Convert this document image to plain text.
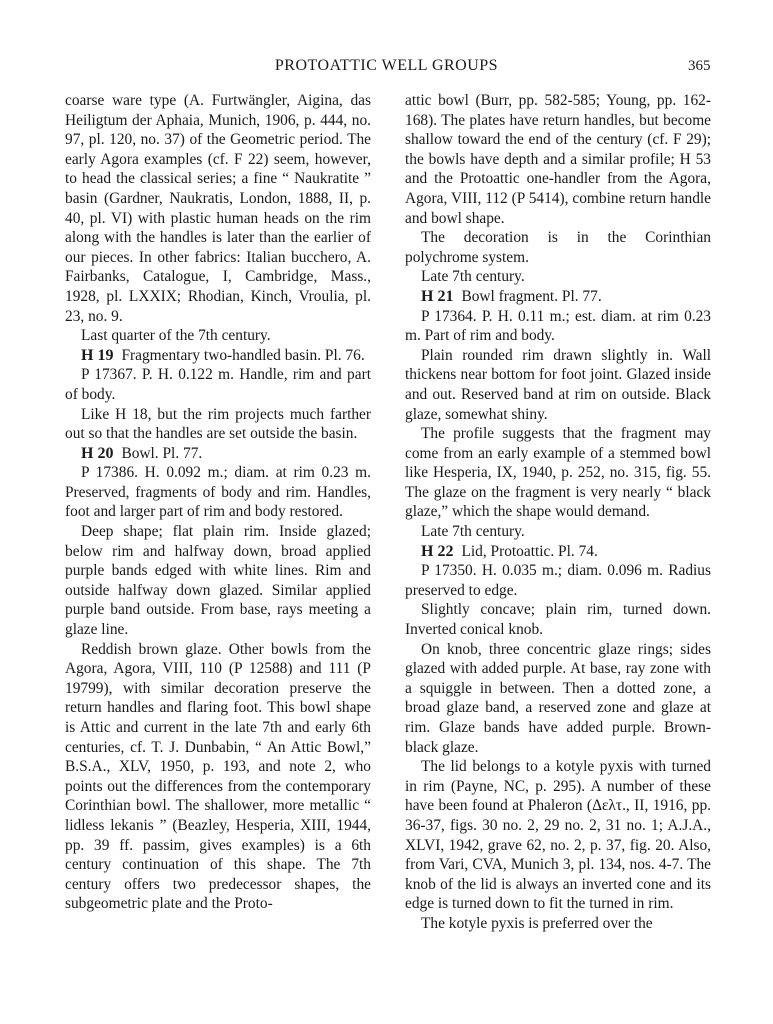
PROTOATTIC WELL GROUPS	365

coarse ware type (A. Furtwängler, Aigina, das Heiligtum der Aphaia, Munich, 1906, p. 444, no. 97, pl. 120, no. 37) of the Geometric period. The early Agora examples (cf. F 22) seem, however, to head the classical series; a fine “ Naukratite ” basin (Gardner, Naukratis, London, 1888, II, p. 40, pl. VI) with plastic human heads on the rim along with the handles is later than the earlier of our pieces. In other fabrics: Italian bucchero, A. Fairbanks, Catalogue, I, Cambridge, Mass., 1928, pl. LXXIX; Rhodian, Kinch, Vroulia, pl. 23, no. 9.

Last quarter of the 7th century.

H 19 Fragmentary two-handled basin. Pl. 76.

P 17367. P. H. 0.122 m. Handle, rim and part of body.

Like H 18, but the rim projects much farther out so that the handles are set outside the basin.

H 20 Bowl. Pl. 77.

P 17386. H. 0.092 m.; diam. at rim 0.23 m. Preserved, fragments of body and rim. Handles, foot and larger part of rim and body restored.

Deep shape; flat plain rim. Inside glazed; below rim and halfway down, broad applied purple bands edged with white lines. Rim and outside halfway down glazed. Similar applied purple band outside. From base, rays meeting a glaze line.

Reddish brown glaze. Other bowls from the Agora, Agora, VIII, 110 (P 12588) and 111 (P 19799), with similar decoration preserve the return handles and flaring foot. This bowl shape is Attic and current in the late 7th and early 6th centuries, cf. T. J. Dunbabin, “ An Attic Bowl,” B.S.A., XLV, 1950, p. 193, and note 2, who points out the differences from the contemporary Corinthian bowl. The shallower, more metallic “ lidless lekanis ” (Beazley, Hesperia, XIII, 1944, pp. 39 ff. passim, gives examples) is a 6th century continuation of this shape. The 7th century offers two predecessor shapes, the subgeometric plate and the Proto-

attic bowl (Burr, pp. 582-585; Young, pp. 162-168). The plates have return handles, but become shallow toward the end of the century (cf. F 29); the bowls have depth and a similar profile; H 53 and the Protoattic one-handler from the Agora, Agora, VIII, 112 (P 5414), combine return handle and bowl shape.

The decoration is in the Corinthian polychrome system.

Late 7th century.

H 21 Bowl fragment. Pl. 77.

P 17364. P. H. 0.11 m.; est. diam. at rim 0.23 m. Part of rim and body.

Plain rounded rim drawn slightly in. Wall thickens near bottom for foot joint. Glazed inside and out. Reserved band at rim on outside. Black glaze, somewhat shiny.

The profile suggests that the fragment may come from an early example of a stemmed bowl like Hesperia, IX, 1940, p. 252, no. 315, fig. 55. The glaze on the fragment is very nearly “ black glaze,” which the shape would demand.

Late 7th century.

H 22 Lid, Protoattic. Pl. 74.

P 17350. H. 0.035 m.; diam. 0.096 m. Radius preserved to edge.

Slightly concave; plain rim, turned down. Inverted conical knob.

On knob, three concentric glaze rings; sides glazed with added purple. At base, ray zone with a squiggle in between. Then a dotted zone, a broad glaze band, a reserved zone and glaze at rim. Glaze bands have added purple. Brown-black glaze.

The lid belongs to a kotyle pyxis with turned in rim (Payne, NC, p. 295). A number of these have been found at Phaleron (Δελτ., II, 1916, pp. 36-37, figs. 30 no. 2, 29 no. 2, 31 no. 1; A.J.A., XLVI, 1942, grave 62, no. 2, p. 37, fig. 20. Also, from Vari, CVA, Munich 3, pl. 134, nos. 4-7. The knob of the lid is always an inverted cone and its edge is turned down to fit the turned in rim.

The kotyle pyxis is preferred over the
